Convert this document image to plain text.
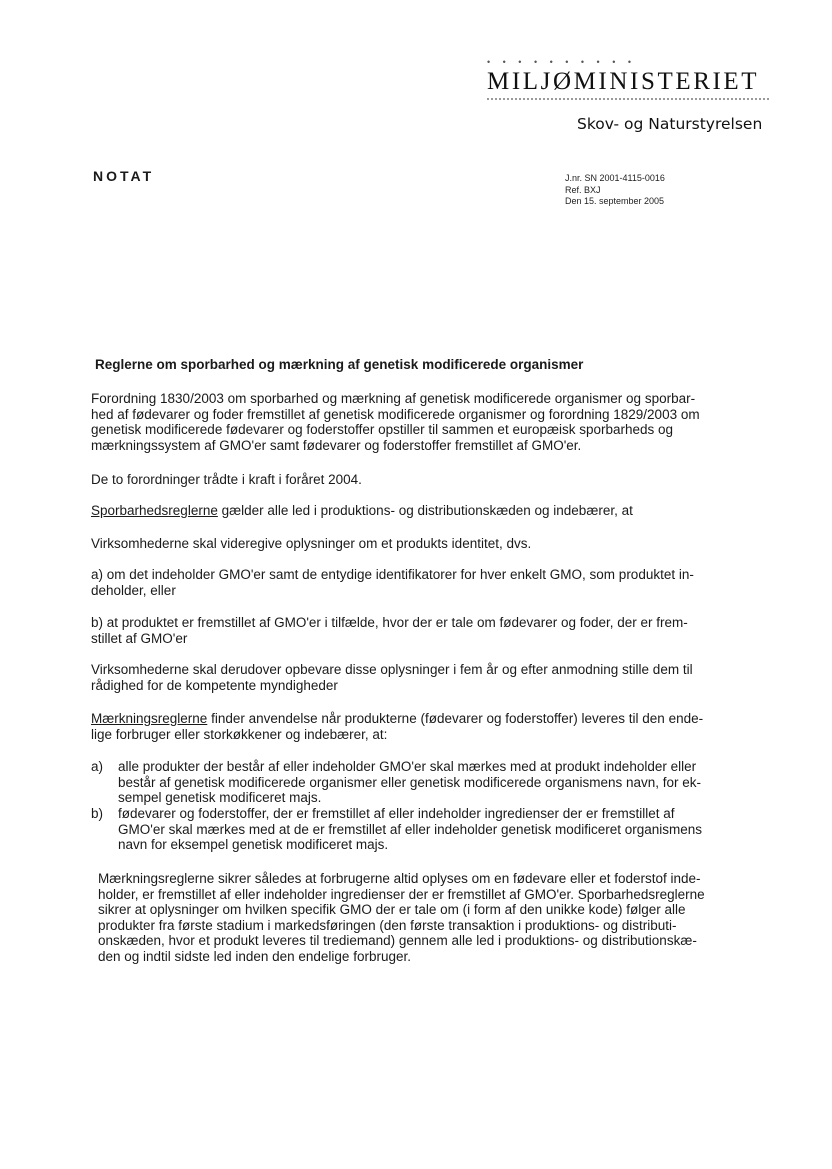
• • • • • • • • • •
MILJØMINISTERIET
Skov- og Naturstyrelsen
NOTAT	J.nr. SN 2001-4115-0016
Ref. BXJ
Den 15. september 2005
Reglerne om sporbarhed og mærkning af genetisk modificerede organismer
Forordning 1830/2003 om sporbarhed og mærkning af genetisk modificerede organismer og sporbar-
hed af fødevarer og foder fremstillet af genetisk modificerede organismer og forordning 1829/2003 om
genetisk modificerede fødevarer og foderstoffer opstiller til sammen et europæisk sporbarheds og
mærkningssystem af GMO'er samt fødevarer og foderstoffer fremstillet af GMO'er.
De to forordninger trådte i kraft i foråret 2004.
Sporbarhedsreglerne gælder alle led i produktions- og distributionskæden og indebærer, at
Virksomhederne skal videregive oplysninger om et produkts identitet, dvs.
a) om det indeholder GMO'er samt de entydige identifikatorer for hver enkelt GMO, som produktet in-
deholder, eller
b) at produktet er fremstillet af GMO'er i tilfælde, hvor der er tale om fødevarer og foder, der er frem-
stillet af GMO'er
Virksomhederne skal derudover opbevare disse oplysninger i fem år og efter anmodning stille dem til
rådighed for de kompetente myndigheder
Mærkningsreglerne finder anvendelse når produkterne (fødevarer og foderstoffer) leveres til den ende-
lige forbruger eller storkøkkener og indebærer, at:
a) alle produkter der består af eller indeholder GMO'er skal mærkes med at produkt indeholder eller
består af genetisk modificerede organismer eller genetisk modificerede organismens navn, for ek-
sempel genetisk modificeret majs.
b) fødevarer og foderstoffer, der er fremstillet af eller indeholder ingredienser der er fremstillet af
GMO'er skal mærkes med at de er fremstillet af eller indeholder genetisk modificeret organismens
navn for eksempel genetisk modificeret majs.
Mærkningsreglerne sikrer således at forbrugerne altid oplyses om en fødevare eller et foderstof inde-
holder, er fremstillet af eller indeholder ingredienser der er fremstillet af GMO'er. Sporbarhedsreglerne
sikrer at oplysninger om hvilken specifik GMO der er tale om (i form af den unikke kode) følger alle
produkter fra første stadium i markedsføringen (den første transaktion i produktions- og distributi-
onskæden, hvor et produkt leveres til trediemand) gennem alle led i produktions- og distributionskæ-
den og indtil sidste led inden den endelige forbruger.
